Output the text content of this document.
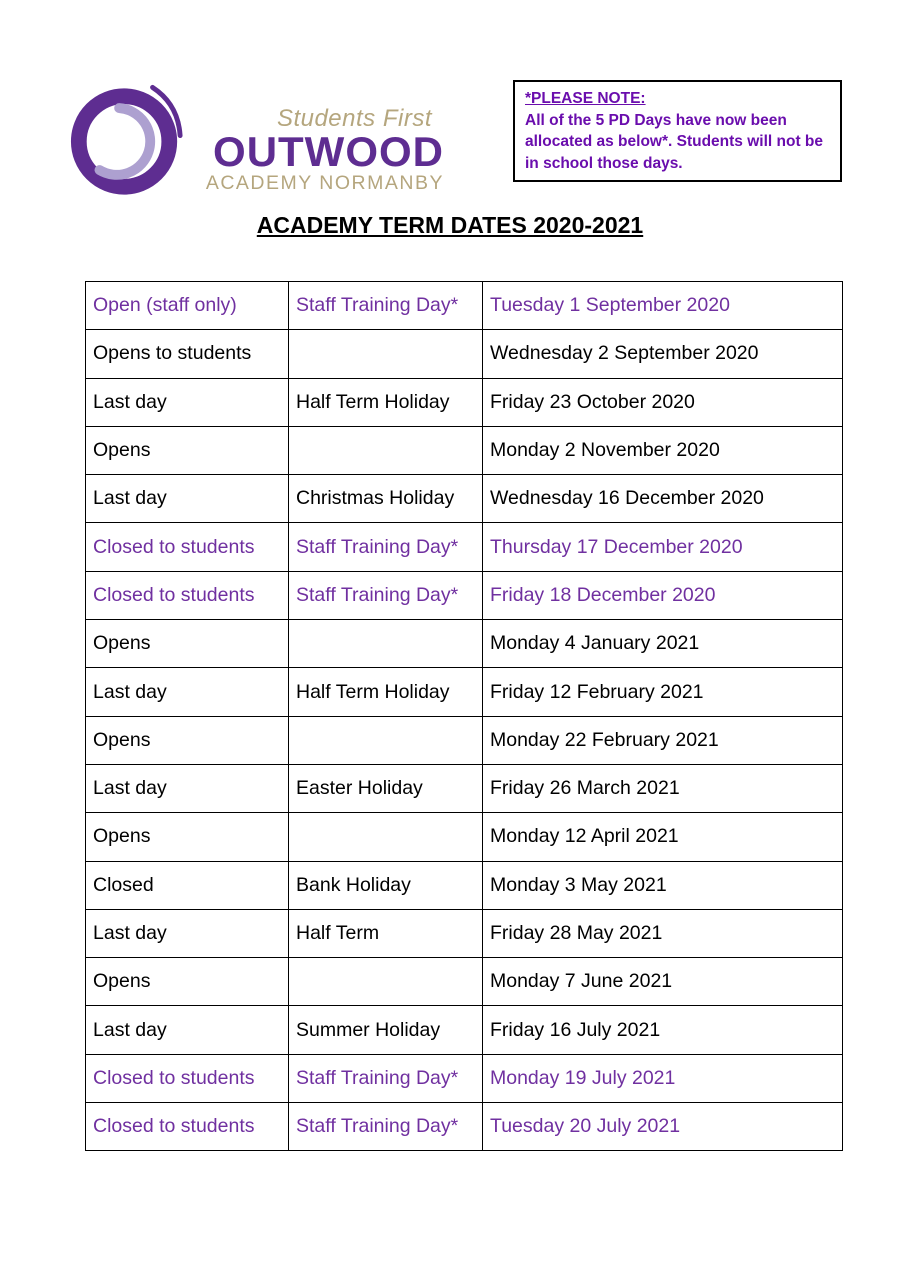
Students First
OUTWOOD
ACADEMY NORMANBY
*PLEASE NOTE:
All of the 5 PD Days have now been allocated as below*. Students will not be in school those days.
ACADEMY TERM DATES 2020-2021
Open (staff only)	Staff Training Day*	Tuesday 1 September 2020
Opens to students		Wednesday 2 September 2020
Last day	Half Term Holiday	Friday 23 October 2020
Opens		Monday 2 November 2020
Last day	Christmas Holiday	Wednesday 16 December 2020
Closed to students	Staff Training Day*	Thursday 17 December 2020
Closed to students	Staff Training Day*	Friday 18 December 2020
Opens		Monday 4 January 2021
Last day	Half Term Holiday	Friday 12 February 2021
Opens		Monday 22 February 2021
Last day	Easter Holiday	Friday 26 March 2021
Opens		Monday 12 April 2021
Closed	Bank Holiday	Monday 3 May 2021
Last day	Half Term	Friday 28 May 2021
Opens		Monday 7 June 2021
Last day	Summer Holiday	Friday 16 July 2021
Closed to students	Staff Training Day*	Monday 19 July 2021
Closed to students	Staff Training Day*	Tuesday 20 July 2021
